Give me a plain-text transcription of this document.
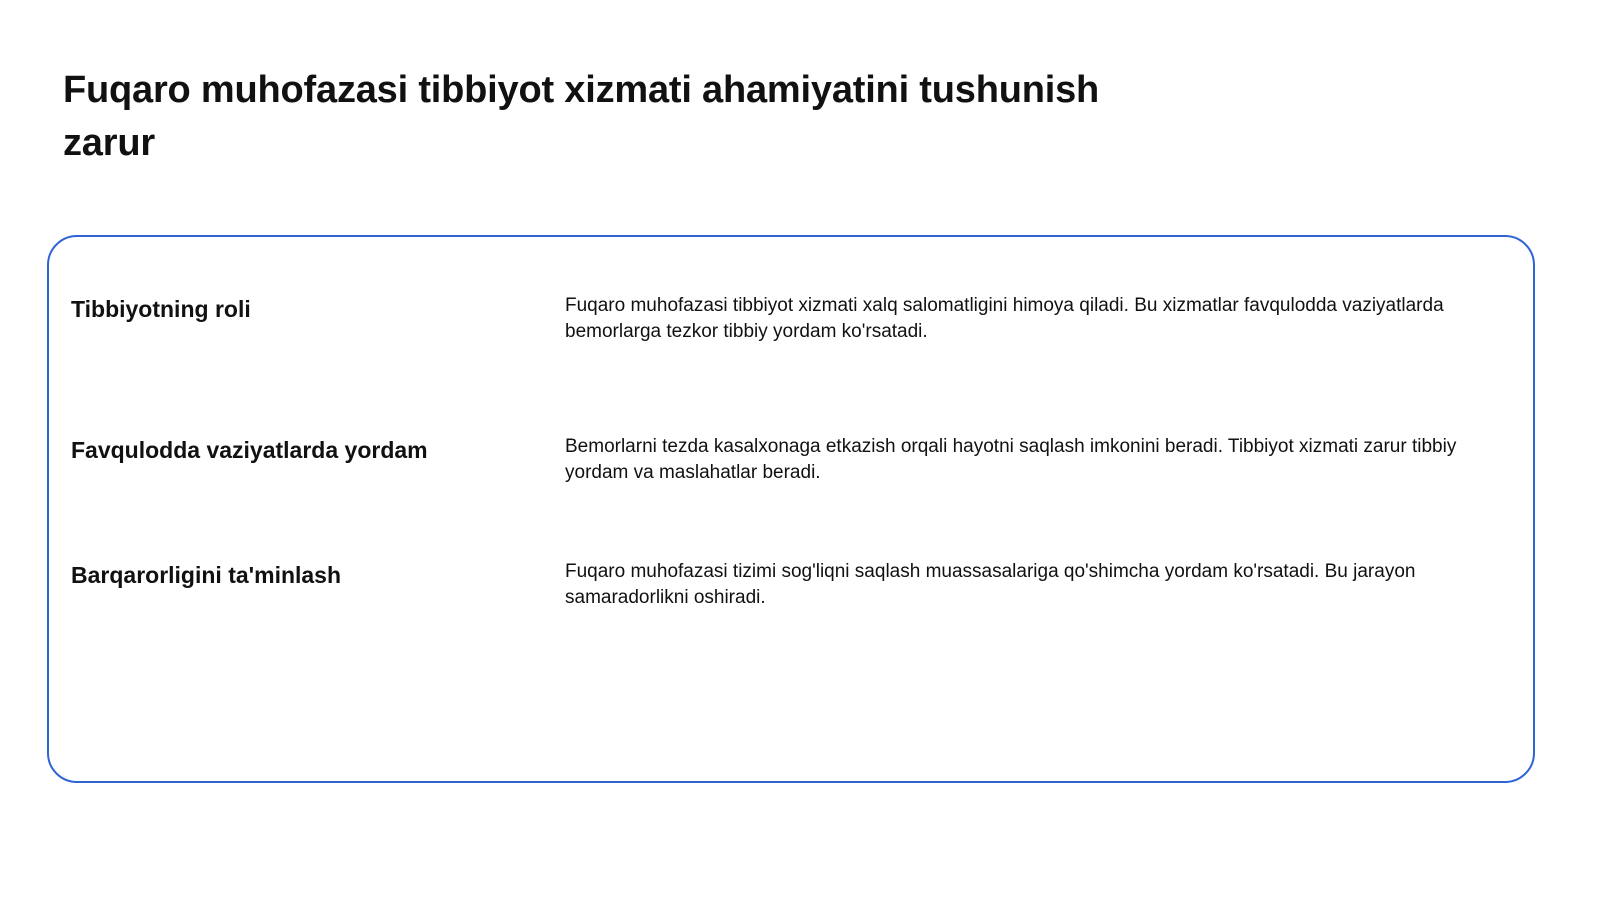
Fuqaro muhofazasi tibbiyot xizmati ahamiyatini tushunish zarur
Tibbiyotning roli	Fuqaro muhofazasi tibbiyot xizmati xalq salomatligini himoya qiladi. Bu xizmatlar favqulodda vaziyatlarda bemorlarga tezkor tibbiy yordam ko'rsatadi.

Favqulodda vaziyatlarda yordam	Bemorlarni tezda kasalxonaga etkazish orqali hayotni saqlash imkonini beradi. Tibbiyot xizmati zarur tibbiy yordam va maslahatlar beradi.

Barqarorligini ta'minlash	Fuqaro muhofazasi tizimi sog'liqni saqlash muassasalariga qo'shimcha yordam ko'rsatadi. Bu jarayon samaradorlikni oshiradi.
